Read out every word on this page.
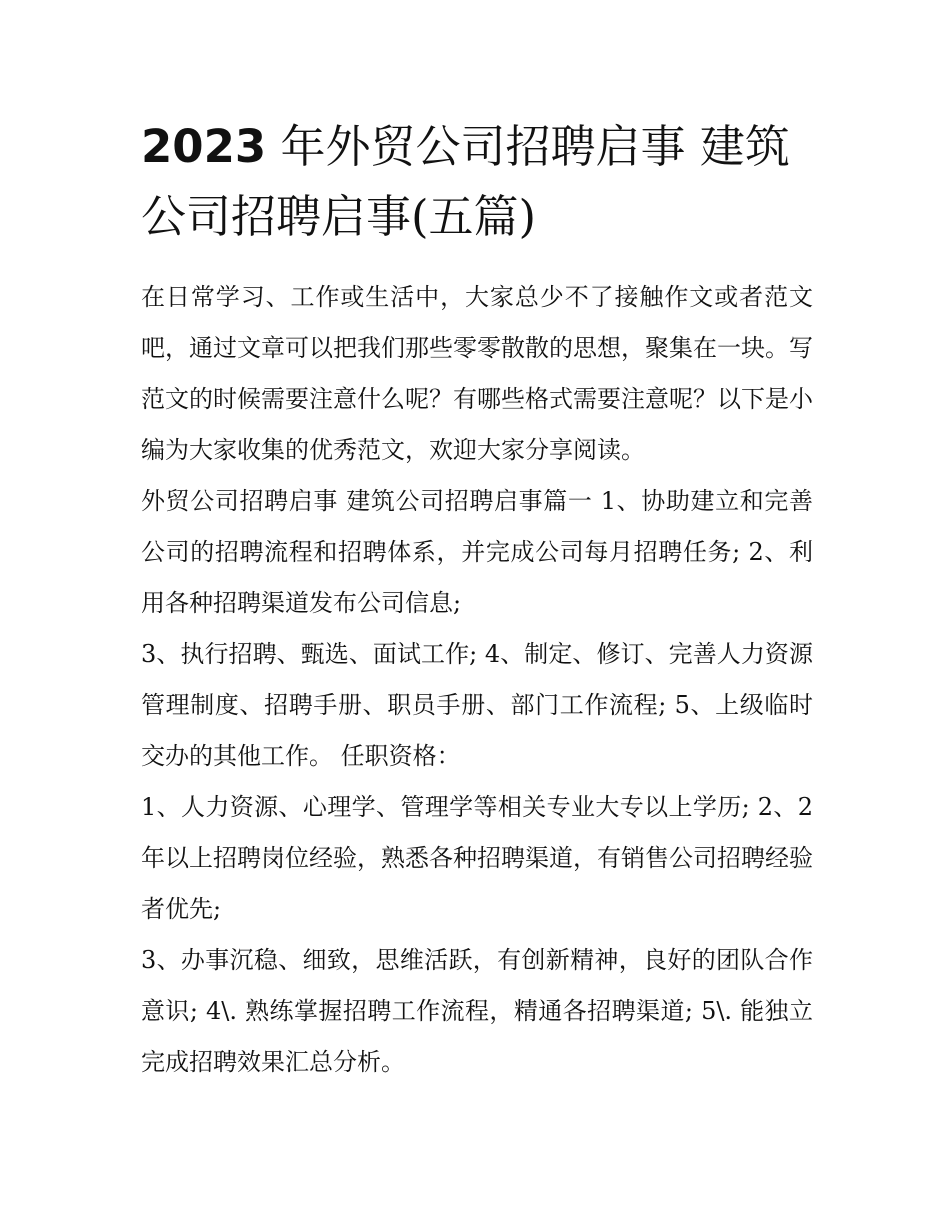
2023 年外贸公司招聘启事 建筑公司招聘启事(五篇)

在日常学习、工作或生活中，大家总少不了接触作文或者范文吧，通过文章可以把我们那些零零散散的思想，聚集在一块。写范文的时候需要注意什么呢？有哪些格式需要注意呢？以下是小编为大家收集的优秀范文，欢迎大家分享阅读。

外贸公司招聘启事 建筑公司招聘启事篇一 1、协助建立和完善公司的招聘流程和招聘体系，并完成公司每月招聘任务; 2、利用各种招聘渠道发布公司信息;

3、执行招聘、甄选、面试工作; 4、制定、修订、完善人力资源管理制度、招聘手册、职员手册、部门工作流程; 5、上级临时交办的其他工作。 任职资格：

1、人力资源、心理学、管理学等相关专业大专以上学历; 2、2年以上招聘岗位经验，熟悉各种招聘渠道，有销售公司招聘经验者优先;

3、办事沉稳、细致，思维活跃，有创新精神，良好的团队合作意识; 4\. 熟练掌握招聘工作流程，精通各招聘渠道; 5\. 能独立完成招聘效果汇总分析。
